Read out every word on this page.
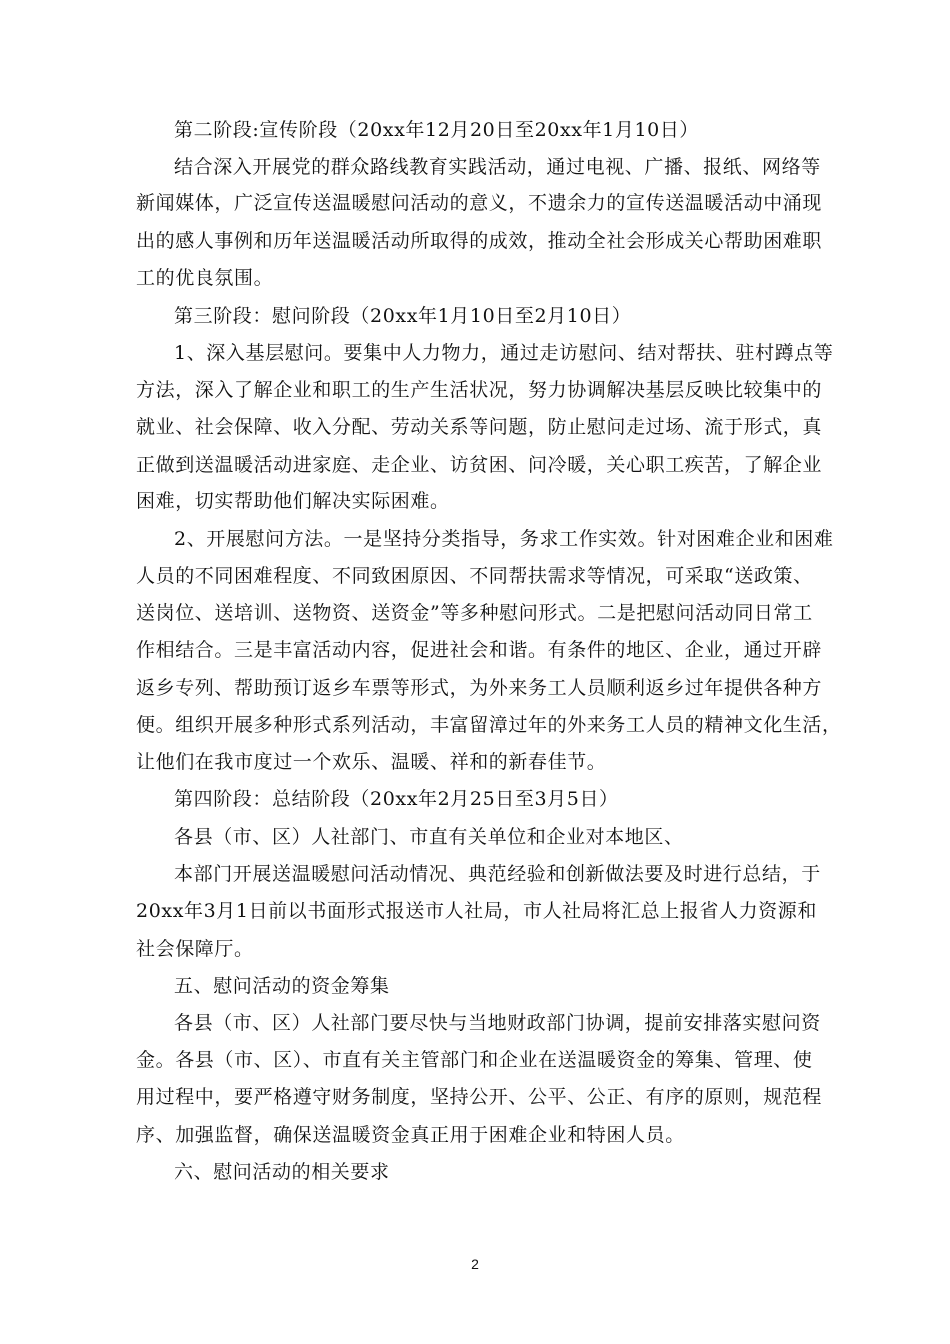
第二阶段:宣传阶段（20xx年12月20日至20xx年1月10日）
结合深入开展党的群众路线教育实践活动，通过电视、广播、报纸、网络等
新闻媒体，广泛宣传送温暖慰问活动的意义，不遗余力的宣传送温暖活动中涌现
出的感人事例和历年送温暖活动所取得的成效，推动全社会形成关心帮助困难职
工的优良氛围。
第三阶段：慰问阶段（20xx年1月10日至2月10日）
1、深入基层慰问。要集中人力物力，通过走访慰问、结对帮扶、驻村蹲点等
方法，深入了解企业和职工的生产生活状况，努力协调解决基层反映比较集中的
就业、社会保障、收入分配、劳动关系等问题，防止慰问走过场、流于形式，真
正做到送温暖活动进家庭、走企业、访贫困、问冷暖，关心职工疾苦，了解企业
困难，切实帮助他们解决实际困难。
2、开展慰问方法。一是坚持分类指导，务求工作实效。针对困难企业和困难
人员的不同困难程度、不同致困原因、不同帮扶需求等情况，可采取“送政策、
送岗位、送培训、送物资、送资金”等多种慰问形式。二是把慰问活动同日常工
作相结合。三是丰富活动内容，促进社会和谐。有条件的地区、企业，通过开辟
返乡专列、帮助预订返乡车票等形式，为外来务工人员顺利返乡过年提供各种方
便。组织开展多种形式系列活动，丰富留漳过年的外来务工人员的精神文化生活，
让他们在我市度过一个欢乐、温暖、祥和的新春佳节。
第四阶段：总结阶段（20xx年2月25日至3月5日）
各县（市、区）人社部门、市直有关单位和企业对本地区、
本部门开展送温暖慰问活动情况、典范经验和创新做法要及时进行总结，于
20xx年3月1日前以书面形式报送市人社局，市人社局将汇总上报省人力资源和
社会保障厅。
五、慰问活动的资金筹集
各县（市、区）人社部门要尽快与当地财政部门协调，提前安排落实慰问资
金。各县（市、区）、市直有关主管部门和企业在送温暖资金的筹集、管理、使
用过程中，要严格遵守财务制度，坚持公开、公平、公正、有序的原则，规范程
序、加强监督，确保送温暖资金真正用于困难企业和特困人员。
六、慰问活动的相关要求
2
